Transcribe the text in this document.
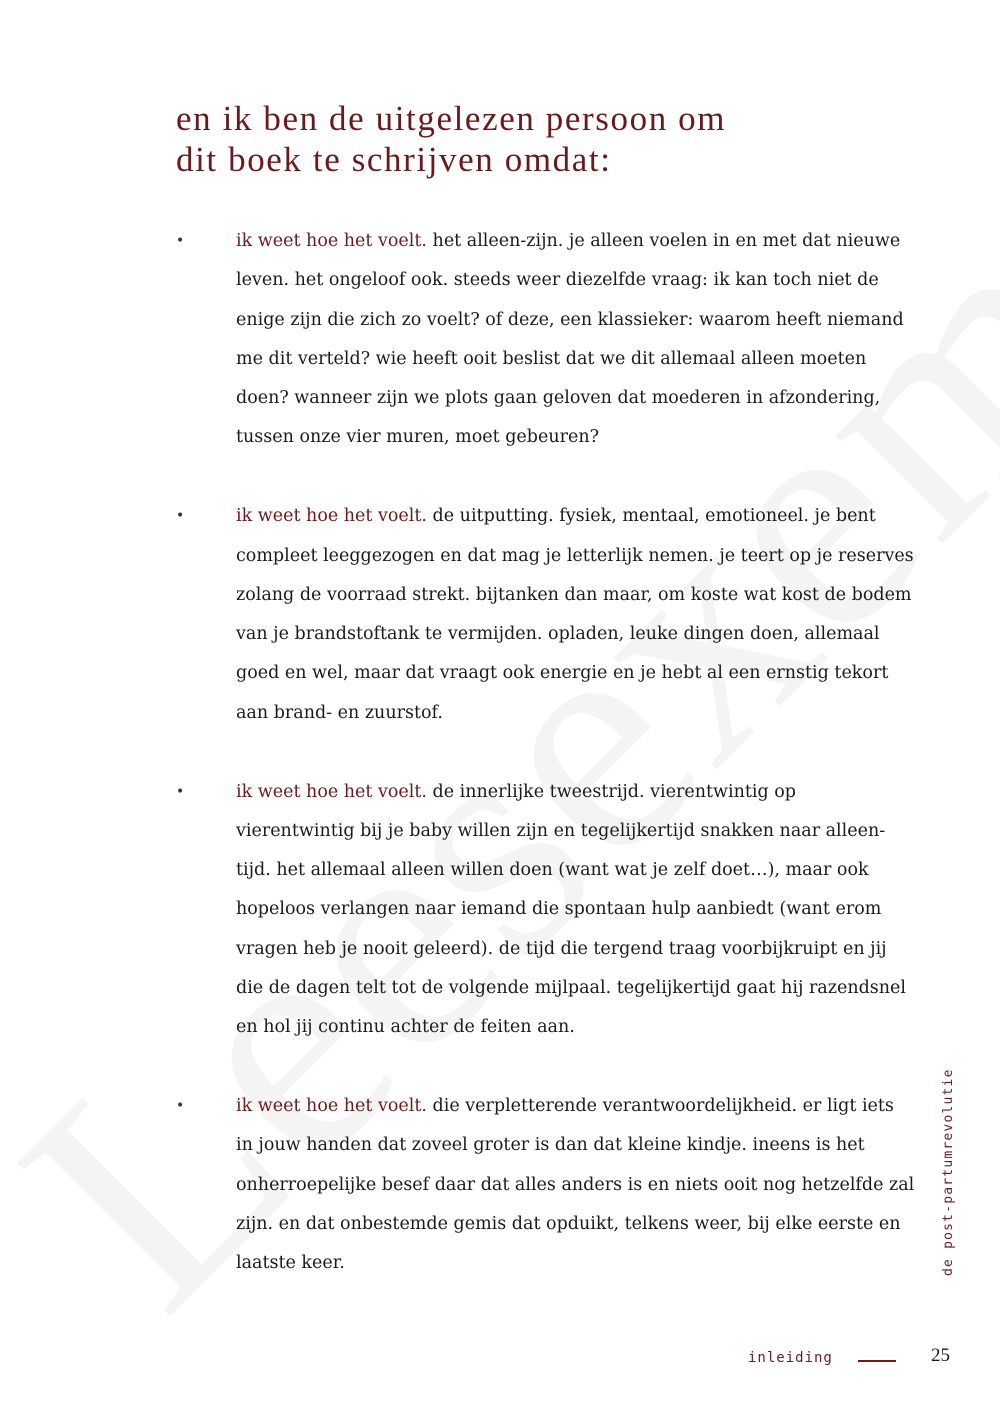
en ik ben de uitgelezen persoon om
dit boek te schrijven omdat:
•	ik weet hoe het voelt. het alleen-zijn. je alleen voelen in en met dat nieuwe leven. het ongeloof ook. steeds weer diezelfde vraag: ik kan toch niet de enige zijn die zich zo voelt? of deze, een klassieker: waarom heeft niemand me dit verteld? wie heeft ooit beslist dat we dit allemaal alleen moeten doen? wanneer zijn we plots gaan geloven dat moederen in afzondering, tussen onze vier muren, moet gebeuren?
•	ik weet hoe het voelt. de uitputting. fysiek, mentaal, emotioneel. je bent compleet leeggezogen en dat mag je letterlijk nemen. je teert op je reserves zolang de voorraad strekt. bijtanken dan maar, om koste wat kost de bodem van je brandstoftank te vermijden. opladen, leuke dingen doen, allemaal goed en wel, maar dat vraagt ook energie en je hebt al een ernstig tekort aan brand- en zuurstof.
•	ik weet hoe het voelt. de innerlijke tweestrijd. vierentwintig op vierentwintig bij je baby willen zijn en tegelijkertijd snakken naar alleen-tijd. het allemaal alleen willen doen (want wat je zelf doet…), maar ook hopeloos verlangen naar iemand die spontaan hulp aanbiedt (want erom vragen heb je nooit geleerd). de tijd die tergend traag voorbijkruipt en jij die de dagen telt tot de volgende mijlpaal. tegelijkertijd gaat hij razendsnel en hol jij continu achter de feiten aan.
•	ik weet hoe het voelt. die verpletterende verantwoordelijkheid. er ligt iets in jouw handen dat zoveel groter is dan dat kleine kindje. ineens is het onherroepelijke besef daar dat alles anders is en niets ooit nog hetzelfde zal zijn. en dat onbestemde gemis dat opduikt, telkens weer, bij elke eerste en laatste keer.	de post-partumrevolutie
inleiding	25
